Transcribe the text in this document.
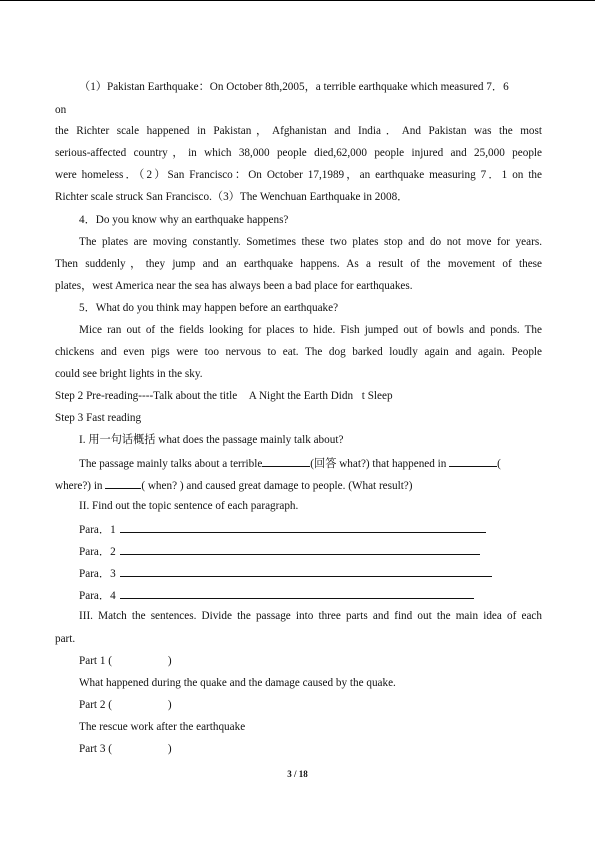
（1）Pakistan Earthquake：On October 8th,2005，a terrible earthquake which measured 7．6
on
the Richter scale happened in Pakistan，Afghanistan and India．And Pakistan was the most
serious-affected country，in which 38,000 people died,62,000 people injured and 25,000 people
were homeless．（2）San Francisco：On October 17,1989，an earthquake measuring 7．1 on the
Richter scale struck San Francisco.（3）The Wenchuan Earthquake in 2008．
4．Do you know why an earthquake happens?
The plates are moving constantly. Sometimes these two plates stop and do not move for years.
Then suddenly，they jump and an earthquake happens. As a result of the movement of these
plates，west America near the sea has always been a bad place for earthquakes.
5．What do you think may happen before an earthquake?
Mice ran out of the fields looking for places to hide. Fish jumped out of bowls and ponds. The
chickens and even pigs were too nervous to eat. The dog barked loudly again and again. People
could see bright lights in the sky.
Step 2 Pre-reading----Talk about the title  A Night the Earth Didn t Sleep 
Step 3 Fast reading
I. 用一句话概括 what does the passage mainly talk about?
The passage mainly talks about a terrible	(回答 what?) that happened in	(
where?) in	( when? ) and caused great damage to people. (What result?)
II. Find out the topic sentence of each paragraph.
Para．1
Para．2
Para．3
Para．4
III. Match the sentences. Divide the passage into three parts and find out the main idea of each
part.
Part 1 (                    )
What happened during the quake and the damage caused by the quake.
Part 2 (                    )
The rescue work after the earthquake
Part 3 (                    )
3 / 18
